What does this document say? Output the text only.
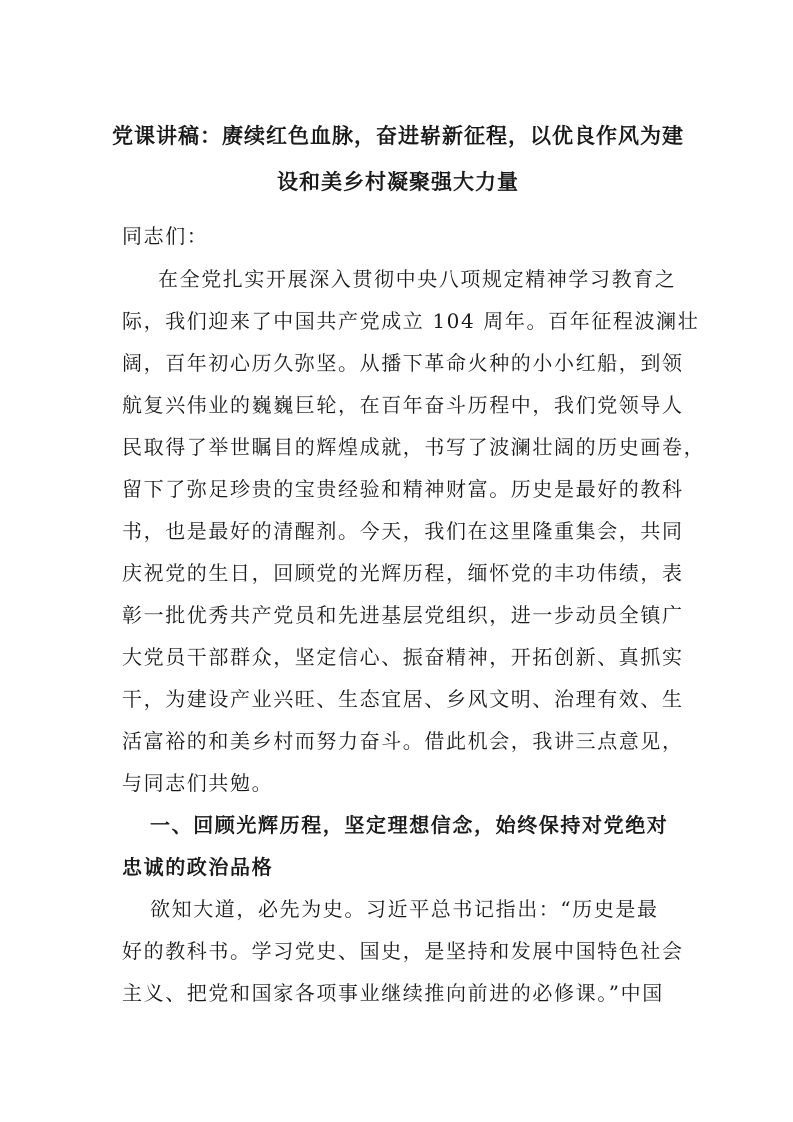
党课讲稿：赓续红色血脉，奋进崭新征程，以优良作风为建
设和美乡村凝聚强大力量

同志们：

在全党扎实开展深入贯彻中央八项规定精神学习教育之

际，我们迎来了中国共产党成立 104 周年。百年征程波澜壮

阔，百年初心历久弥坚。从播下革命火种的小小红船，到领

航复兴伟业的巍巍巨轮，在百年奋斗历程中，我们党领导人

民取得了举世瞩目的辉煌成就，书写了波澜壮阔的历史画卷，

留下了弥足珍贵的宝贵经验和精神财富。历史是最好的教科

书，也是最好的清醒剂。今天，我们在这里隆重集会，共同

庆祝党的生日，回顾党的光辉历程，缅怀党的丰功伟绩，表

彰一批优秀共产党员和先进基层党组织，进一步动员全镇广

大党员干部群众，坚定信心、振奋精神，开拓创新、真抓实

干，为建设产业兴旺、生态宜居、乡风文明、治理有效、生

活富裕的和美乡村而努力奋斗。借此机会，我讲三点意见，

与同志们共勉。

一、回顾光辉历程，坚定理想信念，始终保持对党绝对

忠诚的政治品格

欲知大道，必先为史。习近平总书记指出：“历史是最

好的教科书。学习党史、国史，是坚持和发展中国特色社会

主义、把党和国家各项事业继续推向前进的必修课。”中国
